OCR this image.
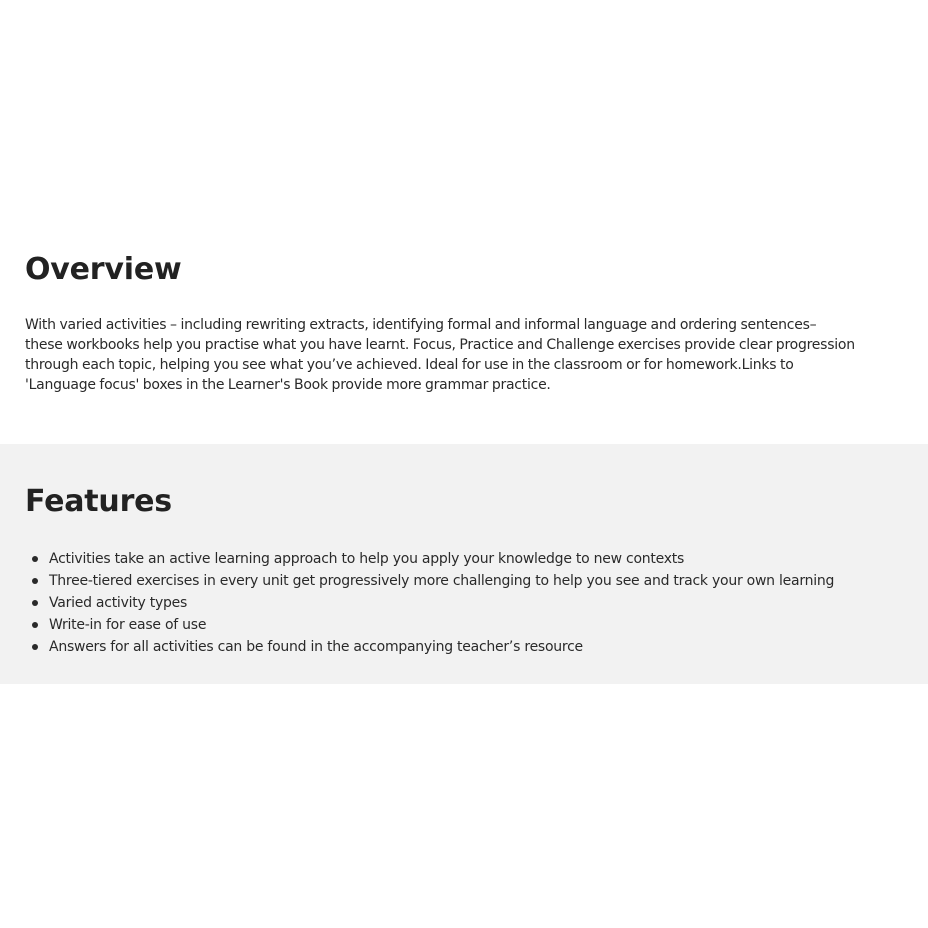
Overview

With varied activities – including rewriting extracts, identifying formal and informal language and ordering sentences– these workbooks help you practise what you have learnt. Focus, Practice and Challenge exercises provide clear progression through each topic, helping you see what you’ve achieved. Ideal for use in the classroom or for homework.Links to 'Language focus' boxes in the Learner's Book provide more grammar practice.

Features
Activities take an active learning approach to help you apply your knowledge to new contexts
Three-tiered exercises in every unit get progressively more challenging to help you see and track your own learning
Varied activity types
Write-in for ease of use
Answers for all activities can be found in the accompanying teacher’s resource
